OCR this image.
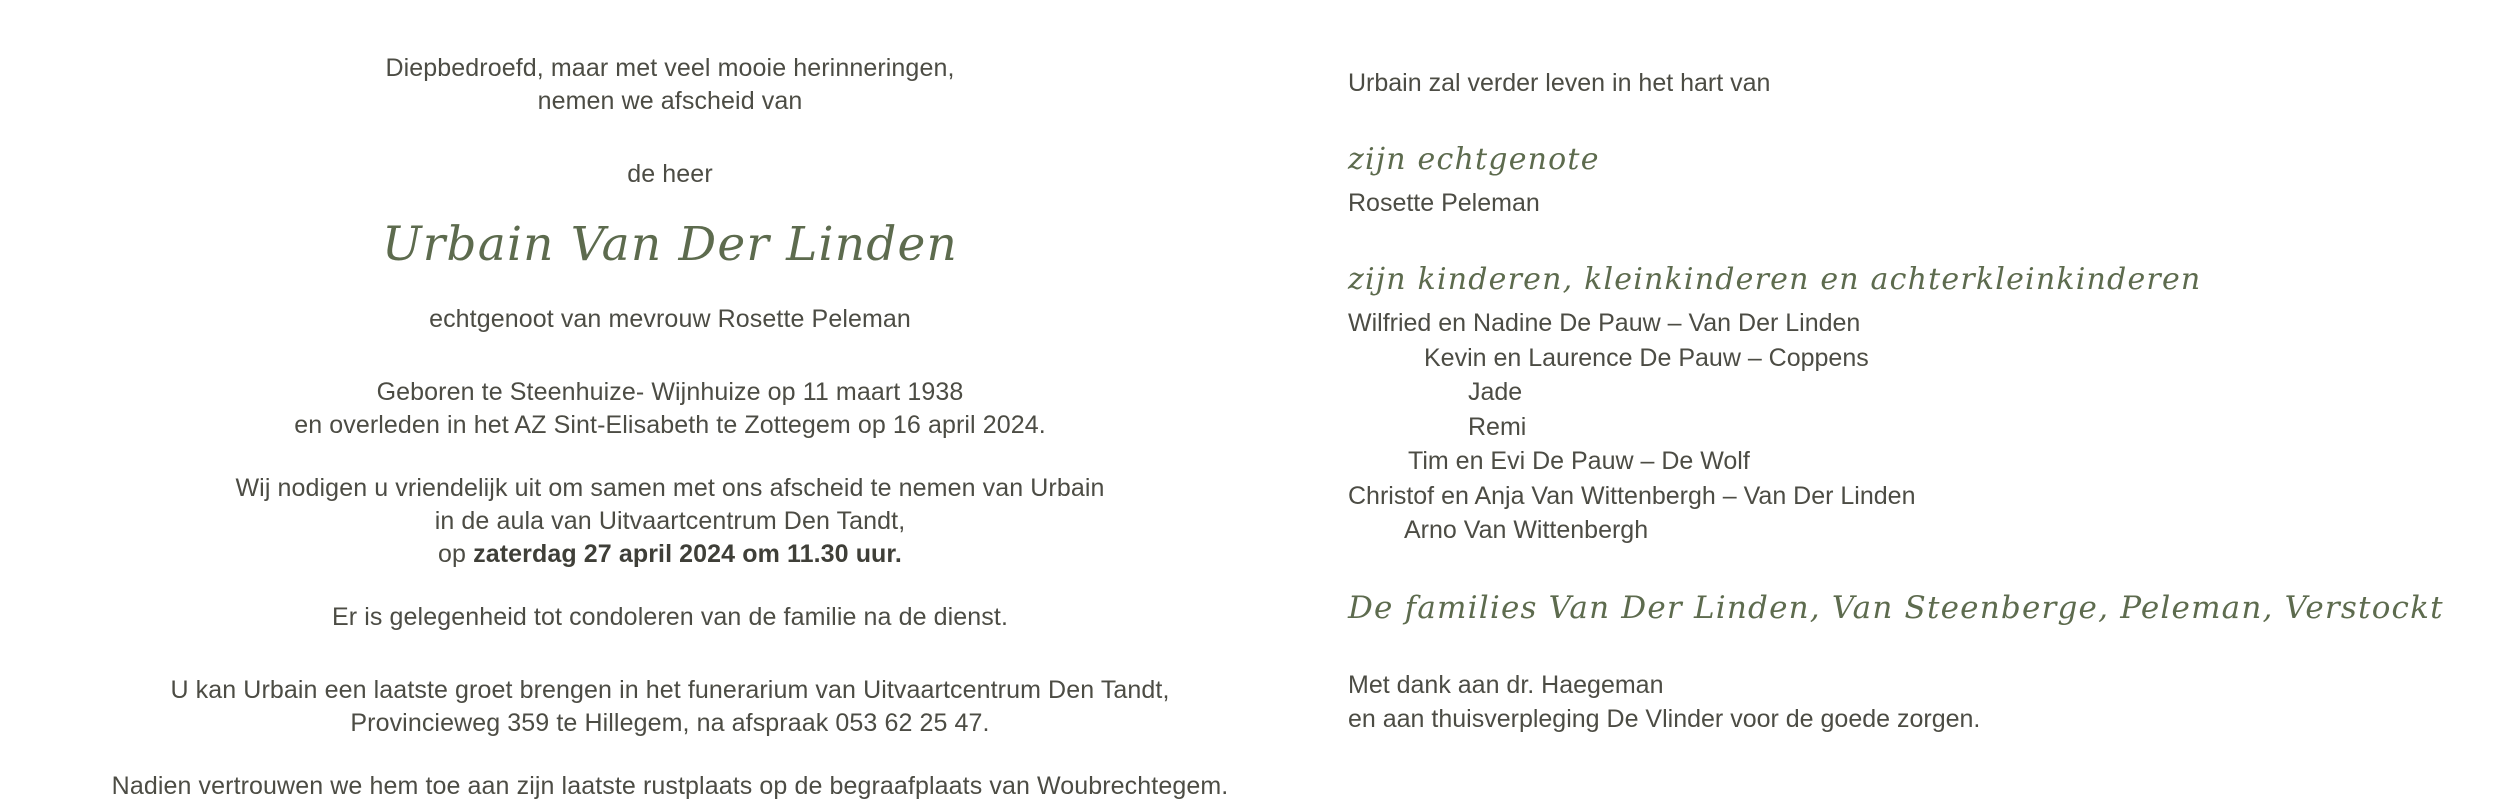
Diepbedroefd, maar met veel mooie herinneringen,
nemen we afscheid van
de heer
Urbain Van Der Linden
echtgenoot van mevrouw Rosette Peleman
Geboren te Steenhuize- Wijnhuize op 11 maart 1938
en overleden in het AZ Sint-Elisabeth te Zottegem op 16 april 2024.
Wij nodigen u vriendelijk uit om samen met ons afscheid te nemen van Urbain
in de aula van Uitvaartcentrum Den Tandt,
op zaterdag 27 april 2024 om 11.30 uur.
Er is gelegenheid tot condoleren van de familie na de dienst.
U kan Urbain een laatste groet brengen in het funerarium van Uitvaartcentrum Den Tandt,
Provincieweg 359 te Hillegem, na afspraak 053 62 25 47.
Nadien vertrouwen we hem toe aan zijn laatste rustplaats op de begraafplaats van Woubrechtegem.
Urbain zal verder leven in het hart van
zijn echtgenote
Rosette Peleman
zijn kinderen, kleinkinderen en achterkleinkinderen
Wilfried en Nadine De Pauw – Van Der Linden
Kevin en Laurence De Pauw – Coppens
Jade
Remi
Tim en Evi De Pauw – De Wolf
Christof en Anja Van Wittenbergh – Van Der Linden
Arno Van Wittenbergh
De families Van Der Linden, Van Steenberge, Peleman, Verstockt
Met dank aan dr. Haegeman
en aan thuisverpleging De Vlinder voor de goede zorgen.
